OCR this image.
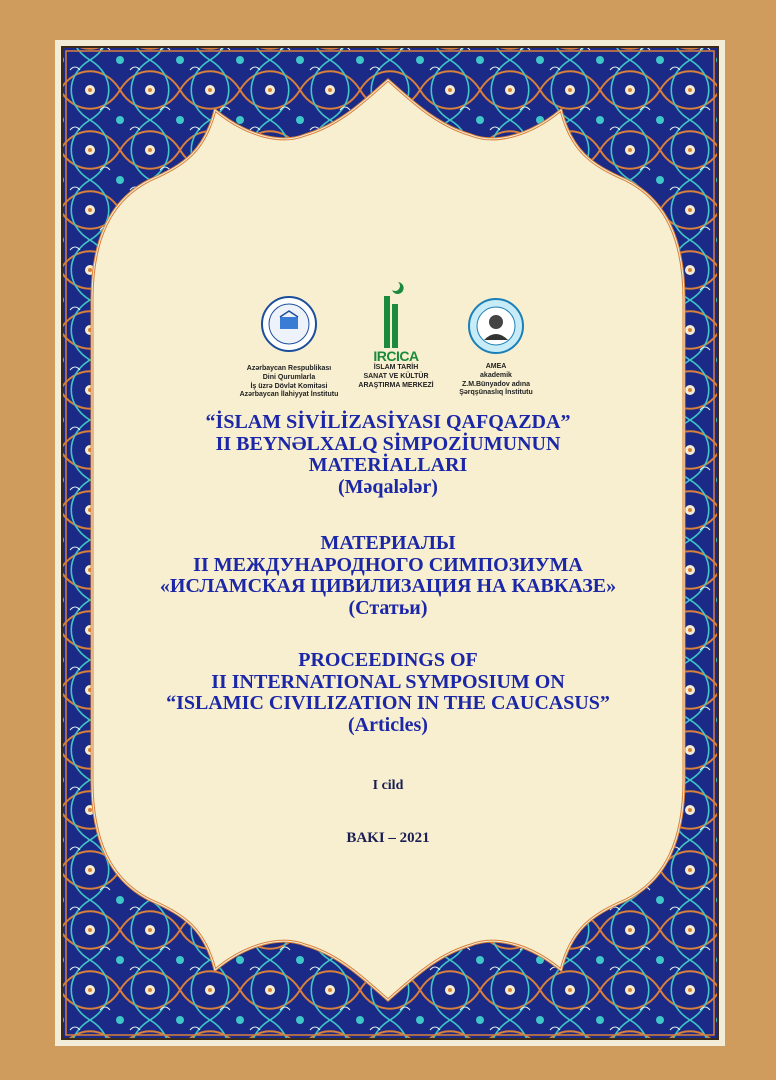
Azərbaycan Respublikası
Dini Qurumlarla
İş üzrə Dövlət Komitəsi
Azərbaycan İlahiyyat İnstitutu
IRCICA
İSLAM TARİH
SANAT VE KÜLTÜR
ARAŞTIRMA MERKEZİ
AMEA
akademik
Z.M.Bünyadov adına
Şərqşünaslıq İnstitutu
“İSLAM SİVİLİZASİYASI QAFQAZDA”
II BEYNƏLXALQ SİMPOZİUMUNUN
MATERİALLARI
(Məqalələr)
МАТЕРИАЛЫ
II МЕЖДУНАРОДНОГО СИМПОЗИУМА
«ИСЛАМСКАЯ ЦИВИЛИЗАЦИЯ НА КАВКАЗЕ»
(Статьи)
PROCEEDINGS OF
II INTERNATIONAL SYMPOSIUM ON
“ISLAMIC CIVILIZATION IN THE CAUCASUS”
(Articles)
I cild
BAKI – 2021
